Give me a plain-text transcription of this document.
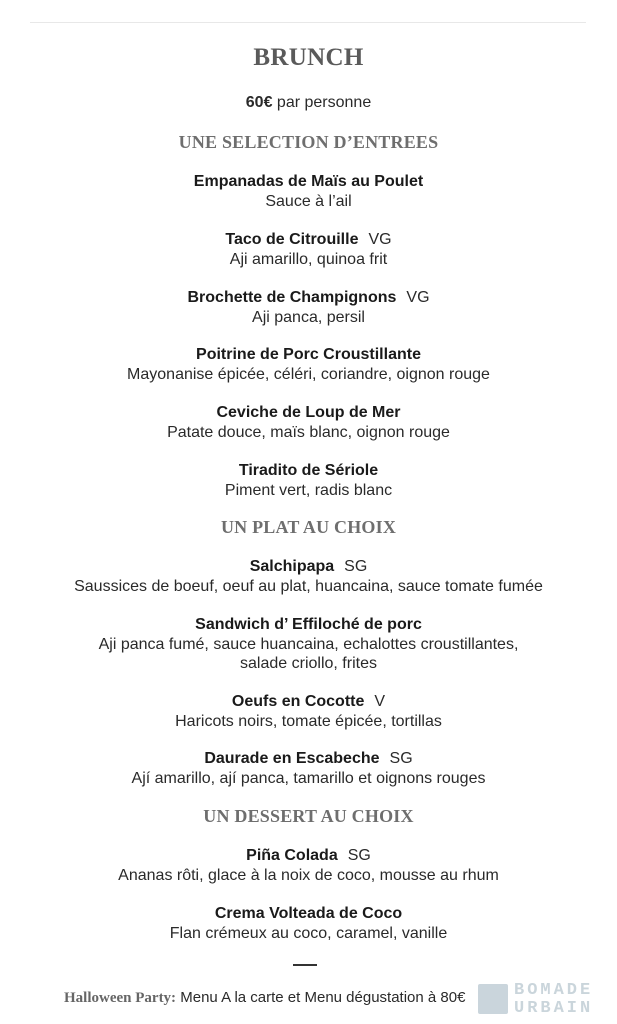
BRUNCH
60€ par personne
UNE SELECTION D’ENTREES
Empanadas de Maïs au Poulet
Sauce à l’ail
Taco de Citrouille VG
Aji amarillo, quinoa frit
Brochette de Champignons VG
Aji panca, persil
Poitrine de Porc Croustillante
Mayonanise épicée, céléri, coriandre, oignon rouge
Ceviche de Loup de Mer
Patate douce, maïs blanc, oignon rouge
Tiradito de Sériole
Piment vert, radis blanc
UN PLAT AU CHOIX
Salchipapa SG
Saussices de boeuf, oeuf au plat, huancaina, sauce tomate fumée
Sandwich d’ Effiloché de porc
Aji panca fumé, sauce huancaina, echalottes croustillantes,
salade criollo, frites
Oeufs en Cocotte V
Haricots noirs, tomate épicée, tortillas
Daurade en Escabeche SG
Ají amarillo, ají panca, tamarillo et oignons rouges
UN DESSERT AU CHOIX
Piña Colada SG
Ananas rôti, glace à la noix de coco, mousse au rhum
Crema Volteada de Coco
Flan crémeux au coco, caramel, vanille
Halloween Party: Menu A la carte et Menu dégustation à 80€	BOMADE
URBAIN
